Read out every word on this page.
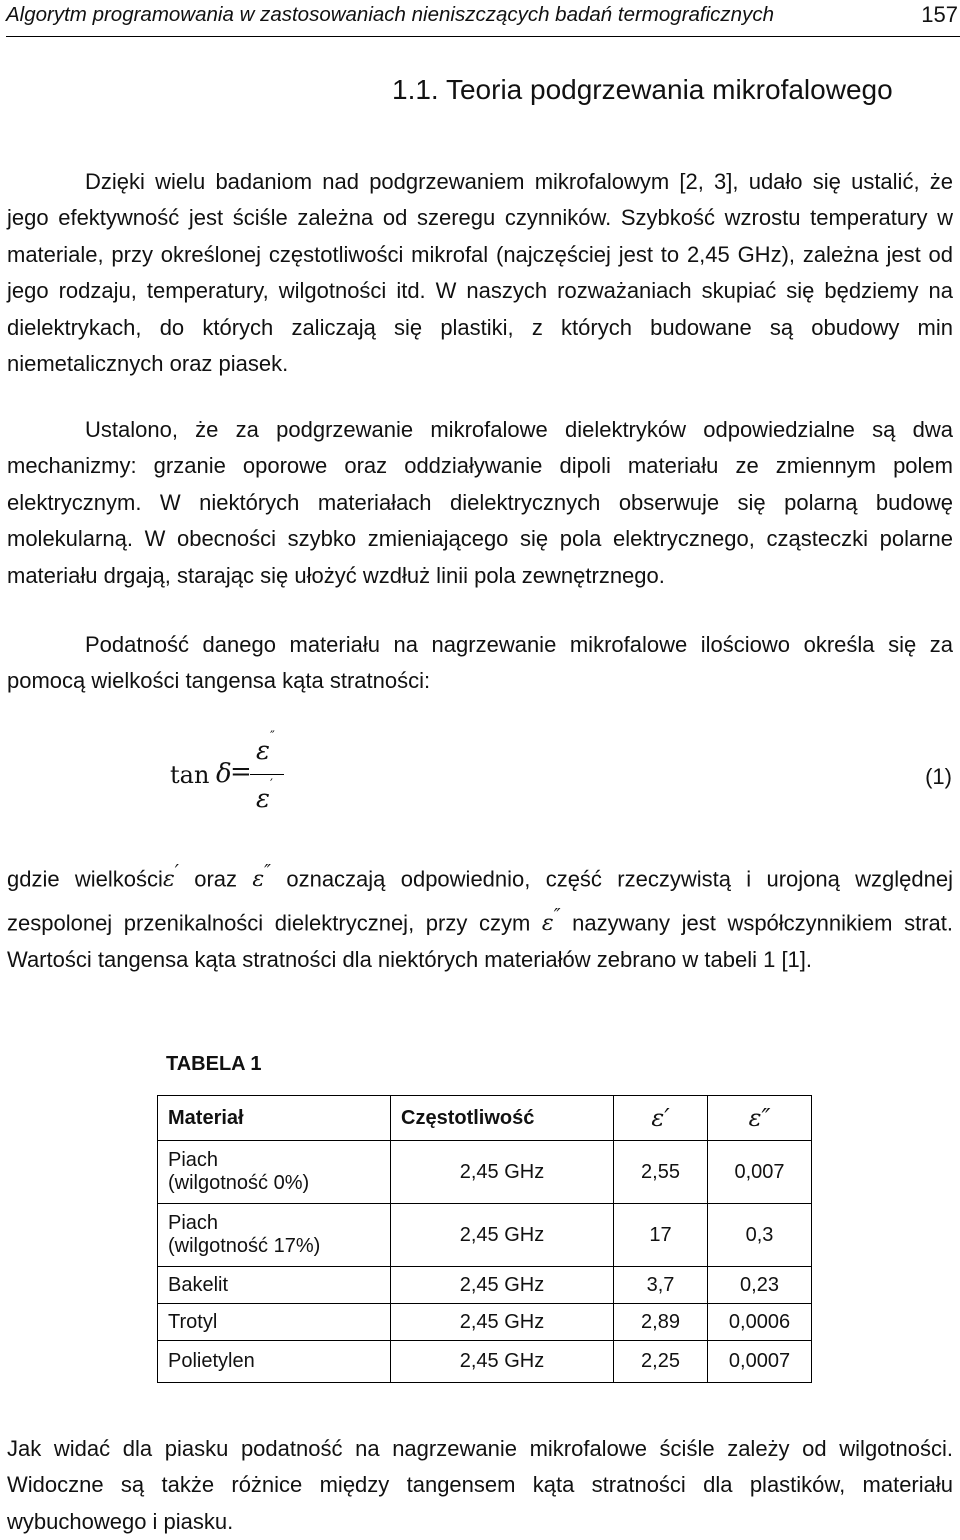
Algorytm programowania w zastosowaniach nieniszczących badań termograficznych	157
1.1. Teoria podgrzewania mikrofalowego

Dzięki wielu badaniom nad podgrzewaniem mikrofalowym [2, 3], udało się ustalić, że jego efektywność jest ściśle zależna od szeregu czynników. Szybkość wzrostu temperatury w materiale, przy określonej częstotliwości mikrofal (najczęściej jest to 2,45 GHz), zależna jest od jego rodzaju, temperatury, wilgotności itd. W naszych rozważaniach skupiać się będziemy na dielektrykach, do których zaliczają się plastiki, z których budowane są obudowy min niemetalicznych oraz piasek.

Ustalono, że za podgrzewanie mikrofalowe dielektryków odpowiedzialne są dwa mechanizmy: grzanie oporowe oraz oddziaływanie dipoli materiału ze zmiennym polem elektrycznym. W niektórych materiałach dielektrycznych obserwuje się polarną budowę molekularną. W obecności szybko zmieniającego się pola elektrycznego, cząsteczki polarne materiału drgają, starając się ułożyć wzdłuż linii pola zewnętrznego.

Podatność danego materiału na nagrzewanie mikrofalowe ilościowo określa się za pomocą wielkości tangensa kąta stratności:

tan δ
=
ε ″
ε ′	(1)

gdzie wielkościε′ oraz ε″ oznaczają odpowiednio, część rzeczywistą i urojoną względnej zespolonej przenikalności dielektrycznej, przy czym ε″ nazywany jest współczynnikiem strat. Wartości tangensa kąta stratności dla niektórych materiałów zebrano w tabeli 1 [1].

TABELA 1
Materiał	Częstotliwość	ε′	ε″
Piach
(wilgotność 0%)	2,45 GHz	2,55	0,007
Piach
(wilgotność 17%)	2,45 GHz	17	0,3
Bakelit	2,45 GHz	3,7	0,23
Trotyl	2,45 GHz	2,89	0,0006
Polietylen	2,45 GHz	2,25	0,0007

Jak widać dla piasku podatność na nagrzewanie mikrofalowe ściśle zależy od wilgotności. Widoczne są także różnice między tangensem kąta stratności dla plastików, materiału wybuchowego i piasku.
